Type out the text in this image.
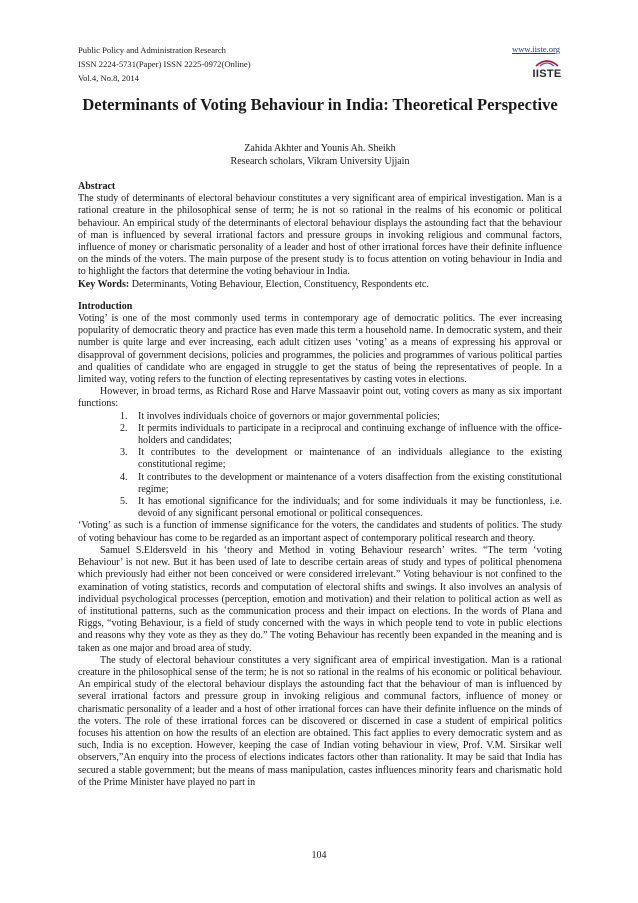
Public Policy and Administration Research
ISSN 2224-5731(Paper) ISSN 2225-0972(Online)
Vol.4, No.8, 2014
www.iiste.org
IISTE
Determinants of Voting Behaviour in India: Theoretical Perspective
Zahida Akhter and Younis Ah. Sheikh
Research scholars, Vikram University Ujjain

Abstract

The study of determinants of electoral behaviour constitutes a very significant area of empirical investigation. Man is a rational creature in the philosophical sense of term; he is not so rational in the realms of his economic or political behaviour. An empirical study of the determinants of electoral behaviour displays the astounding fact that the behaviour of man is influenced by several irrational factors and pressure groups in invoking religious and communal factors, influence of money or charismatic personality of a leader and host of other irrational forces have their definite influence on the minds of the voters. The main purpose of the present study is to focus attention on voting behaviour in India and to highlight the factors that determine the voting behaviour in India.

Key Words: Determinants, Voting Behaviour, Election, Constituency, Respondents etc.

Introduction

Voting’ is one of the most commonly used terms in contemporary age of democratic politics. The ever increasing popularity of democratic theory and practice has even made this term a household name. In democratic system, and their number is quite large and ever increasing, each adult citizen uses ‘voting’ as a means of expressing his approval or disapproval of government decisions, policies and programmes, the policies and programmes of various political parties and qualities of candidate who are engaged in struggle to get the status of being the representatives of people. In a limited way, voting refers to the function of electing representatives by casting votes in elections.

However, in broad terms, as Richard Rose and Harve Massaavir point out, voting covers as many as six important functions:

1. It involves individuals choice of governors or major governmental policies;
2. It permits individuals to participate in a reciprocal and continuing exchange of influence with the office-holders and candidates;
3. It contributes to the development or maintenance of an individuals allegiance to the existing constitutional regime;
4. It contributes to the development or maintenance of a voters disaffection from the existing constitutional regime;
5. It has emotional significance for the individuals; and for some individuals it may be functionless, i.e. devoid of any significant personal emotional or political consequences.

‘Voting’ as such is a function of immense significance for the voters, the candidates and students of politics. The study of voting behaviour has come to be regarded as an important aspect of contemporary political research and theory.

Samuel S.Eldersveld in his ‘theory and Method in voting Behaviour research’ writes. “The term ‘voting Behaviour’ is not new. But it has been used of late to describe certain areas of study and types of political phenomena which previously had either not been conceived or were considered irrelevant.” Voting behaviour is not confined to the examination of voting statistics, records and computation of electoral shifts and swings. It also involves an analysis of individual psychological processes (perception, emotion and motivation) and their relation to political action as well as of institutional patterns, such as the communication process and their impact on elections. In the words of Plana and Riggs, “voting Behaviour, is a field of study concerned with the ways in which people tend to vote in public elections and reasons why they vote as they as they do.” The voting Behaviour has recently been expanded in the meaning and is taken as one major and broad area of study.

The study of electoral behaviour constitutes a very significant area of empirical investigation. Man is a rational creature in the philosophical sense of the term; he is not so rational in the realms of his economic or political behaviour. An empirical study of the electoral behaviour displays the astounding fact that the behaviour of man is influenced by several irrational factors and pressure group in invoking religious and communal factors, influence of money or charismatic personality of a leader and a host of other irrational forces can have their definite influence on the minds of the voters. The role of these irrational forces can be discovered or discerned in case a student of empirical politics focuses his attention on how the results of an election are obtained. This fact applies to every democratic system and as such, India is no exception. However, keeping the case of Indian voting behaviour in view, Prof. V.M. Sirsikar well observers,”An enquiry into the process of elections indicates factors other than rationality. It may be said that India has secured a stable government; but the means of mass manipulation, castes influences minority fears and charismatic hold of the Prime Minister have played no part in

104
